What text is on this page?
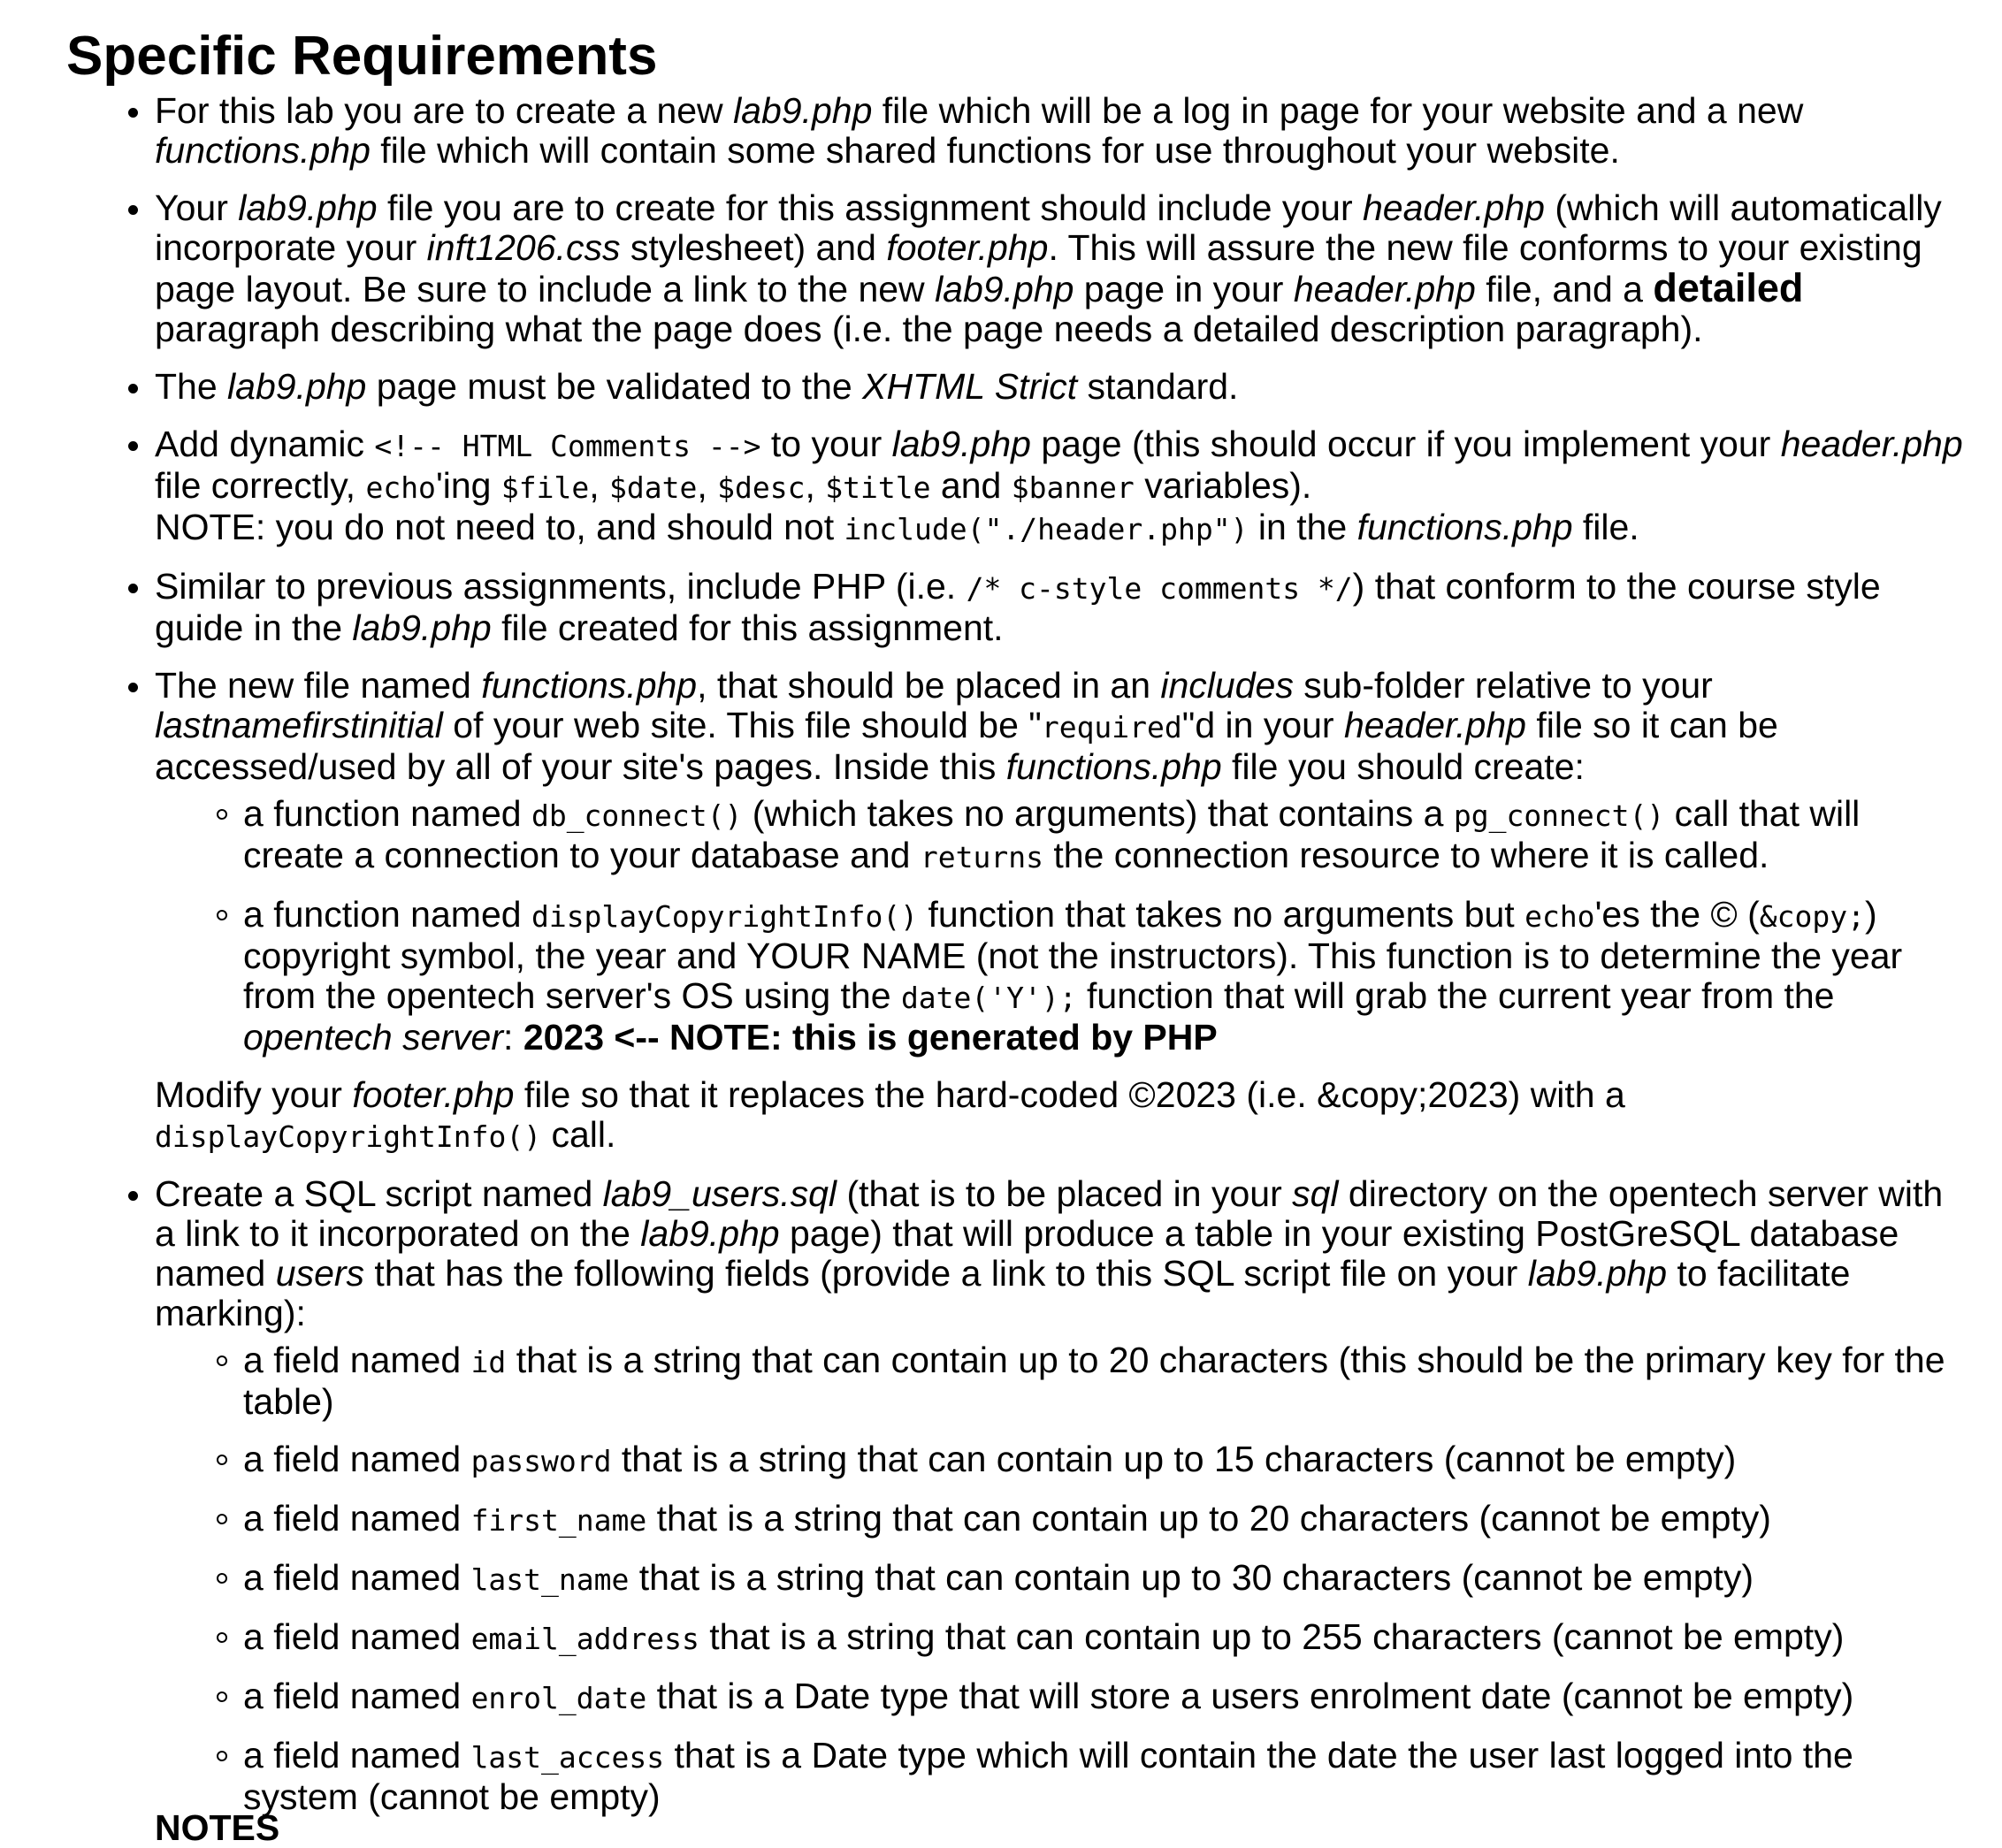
Specific Requirements
For this lab you are to create a new lab9.php file which will be a log in page for your website and a new functions.php file which will contain some shared functions for use throughout your website.
Your lab9.php file you are to create for this assignment should include your header.php (which will automatically incorporate your inft1206.css stylesheet) and footer.php. This will assure the new file conforms to your existing page layout. Be sure to include a link to the new lab9.php page in your header.php file, and a detailed paragraph describing what the page does (i.e. the page needs a detailed description paragraph).
The lab9.php page must be validated to the XHTML Strict standard.
Add dynamic <!-- HTML Comments --> to your lab9.php page (this should occur if you implement your header.php file correctly, echo'ing $file, $date, $desc, $title and $banner variables).
NOTE: you do not need to, and should not include("./header.php") in the functions.php file.
Similar to previous assignments, include PHP (i.e. /* c-style comments */) that conform to the course style guide in the lab9.php file created for this assignment.
The new file named functions.php, that should be placed in an includes sub-folder relative to your lastnamefirstinitial of your web site. This file should be "required"d in your header.php file so it can be accessed/used by all of your site's pages. Inside this functions.php file you should create:
a function named db_connect() (which takes no arguments) that contains a pg_connect() call that will create a connection to your database and returns the connection resource to where it is called.
a function named displayCopyrightInfo() function that takes no arguments but echo'es the © (&copy;) copyright symbol, the year and YOUR NAME (not the instructors). This function is to determine the year from the opentech server's OS using the date('Y'); function that will grab the current year from the opentech server: 2023 <-- NOTE: this is generated by PHP
Modify your footer.php file so that it replaces the hard-coded ©2023 (i.e. &copy;2023) with a displayCopyrightInfo() call.
Create a SQL script named lab9_users.sql (that is to be placed in your sql directory on the opentech server with a link to it incorporated on the lab9.php page) that will produce a table in your existing PostGreSQL database named users that has the following fields (provide a link to this SQL script file on your lab9.php to facilitate marking):
a field named id that is a string that can contain up to 20 characters (this should be the primary key for the table)
a field named password that is a string that can contain up to 15 characters (cannot be empty)
a field named first_name that is a string that can contain up to 20 characters (cannot be empty)
a field named last_name that is a string that can contain up to 30 characters (cannot be empty)
a field named email_address that is a string that can contain up to 255 characters (cannot be empty)
a field named enrol_date that is a Date type that will store a users enrolment date (cannot be empty)
a field named last_access that is a Date type which will contain the date the user last logged into the system (cannot be empty)
NOTES
